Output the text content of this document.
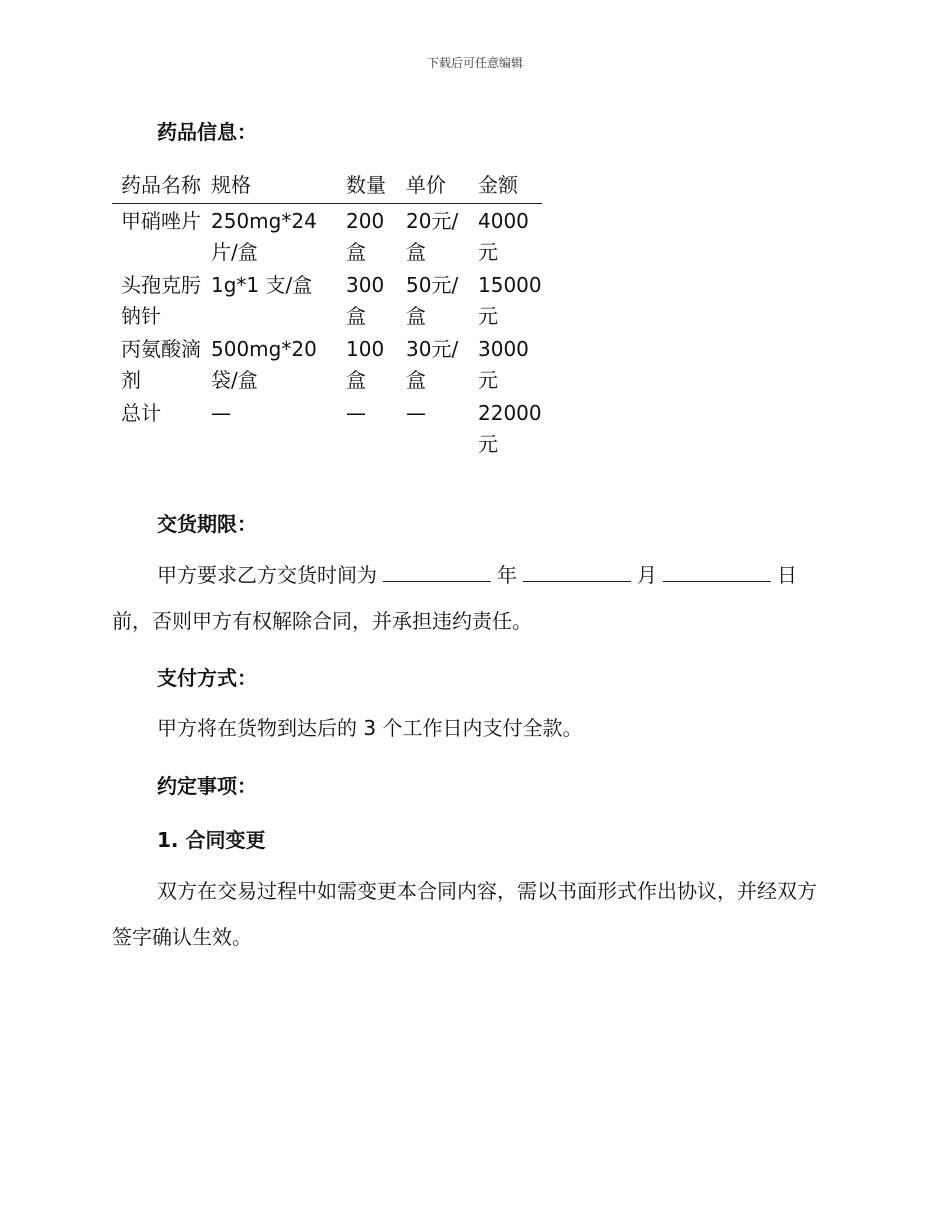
下载后可任意编辑
药品信息：
药品名称	规格	数量	单价	金额
甲硝唑片	250mg*24片/盒	200盒	20元/盒	4000元
头孢克肟钠针	1g*1 支/盒	300盒	50元/盒	15000元
丙氨酸滴剂	500mg*20袋/盒	100盒	30元/盒	3000元
总计	—	—	—	22000元
交货期限：
甲方要求乙方交货时间为	年	月	日
前，否则甲方有权解除合同，并承担违约责任。
支付方式：
甲方将在货物到达后的 3 个工作日内支付全款。
约定事项：
1. 合同变更
双方在交易过程中如需变更本合同内容，需以书面形式作出协议，并经双方签字确认生效。
